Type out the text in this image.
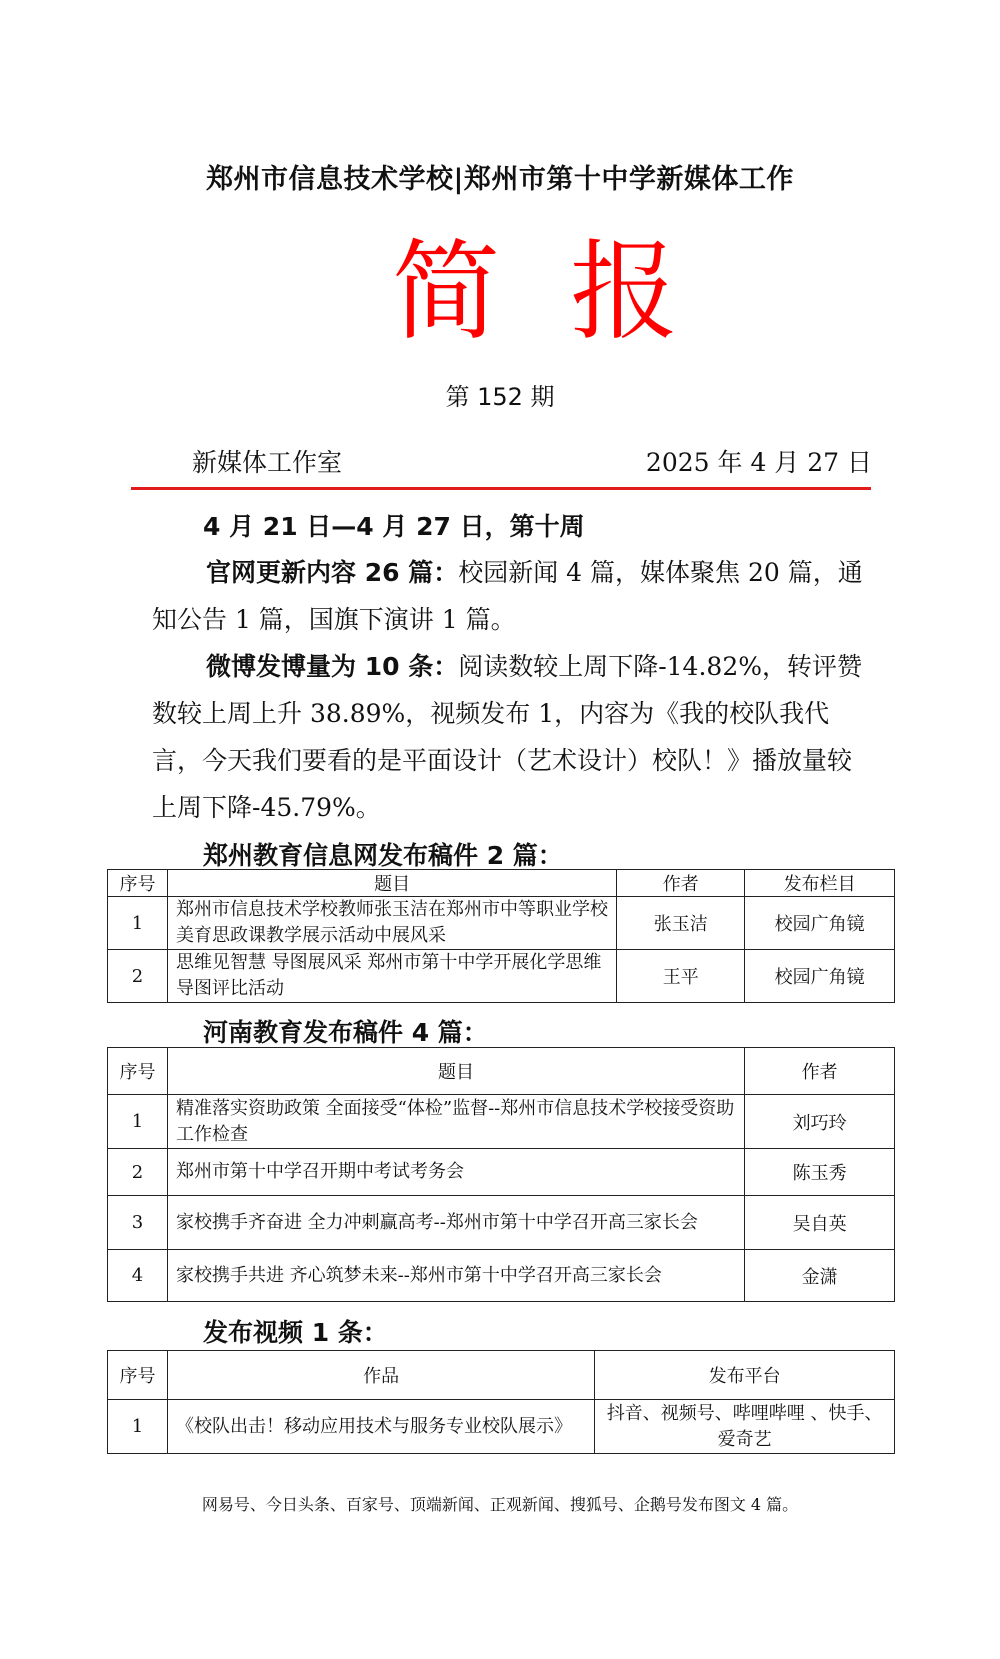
郑州市信息技术学校|郑州市第十中学新媒体工作
简报
第 152 期
新媒体工作室	2025 年 4 月 27 日
4 月 21 日—4 月 27 日，第十周
官网更新内容 26 篇：校园新闻 4 篇，媒体聚焦 20 篇，通知公告 1 篇，国旗下演讲 1 篇。
微博发博量为 10 条：阅读数较上周下降-14.82%，转评赞数较上周上升 38.89%，视频发布 1，内容为《我的校队我代言，今天我们要看的是平面设计（艺术设计）校队！》播放量较上周下降-45.79%。
郑州教育信息网发布稿件 2 篇：
序号	题目	作者	发布栏目
1	郑州市信息技术学校教师张玉洁在郑州市中等职业学校美育思政课教学展示活动中展风采	张玉洁	校园广角镜
2	思维见智慧 导图展风采 郑州市第十中学开展化学思维导图评比活动	王平	校园广角镜
河南教育发布稿件 4 篇：
序号	题目	作者
1	精准落实资助政策 全面接受“体检”监督--郑州市信息技术学校接受资助工作检查	刘巧玲
2	郑州市第十中学召开期中考试考务会	陈玉秀
3	家校携手齐奋进 全力冲刺赢高考--郑州市第十中学召开高三家长会	吴自英
4	家校携手共进 齐心筑梦未来--郑州市第十中学召开高三家长会	金潇
发布视频 1 条：
序号	作品	发布平台
1	《校队出击！移动应用技术与服务专业校队展示》	抖音、视频号、哔哩哔哩 、快手、爱奇艺
网易号、今日头条、百家号、顶端新闻、正观新闻、搜狐号、企鹅号发布图文 4 篇。
